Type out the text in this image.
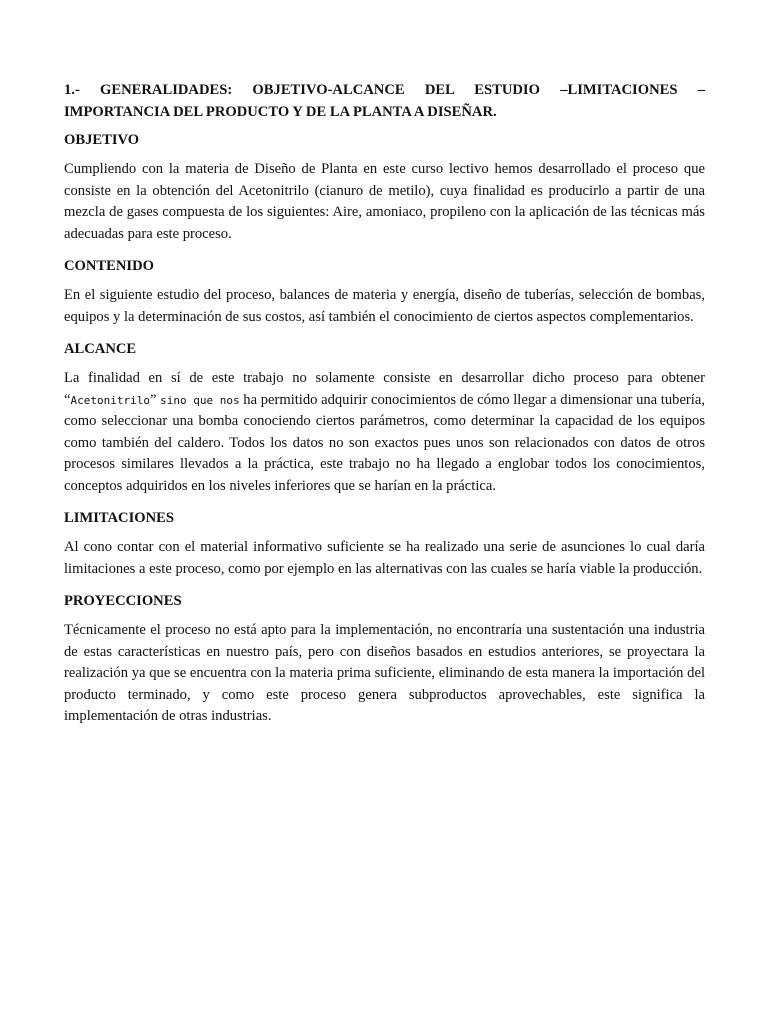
1.- GENERALIDADES: OBJETIVO-ALCANCE DEL ESTUDIO –LIMITACIONES – IMPORTANCIA DEL PRODUCTO Y DE LA PLANTA A DISEÑAR.

OBJETIVO

Cumpliendo con la materia de Diseño de Planta en este curso lectivo hemos desarrollado el proceso que consiste en la obtención del Acetonitrilo (cianuro de metilo), cuya finalidad es producirlo a partir de una mezcla de gases compuesta de los siguientes: Aire, amoniaco, propileno con la aplicación de las técnicas más adecuadas para este proceso.

CONTENIDO

En el siguiente estudio del proceso, balances de materia y energía, diseño de tuberías, selección de bombas, equipos y la determinación de sus costos, así también el conocimiento de ciertos aspectos complementarios.

ALCANCE

La finalidad en sí de este trabajo no solamente consiste en desarrollar dicho proceso para obtener “Acetonitrilo” sino que nos ha permitido adquirir conocimientos de cómo llegar a dimensionar una tubería, como seleccionar una bomba conociendo ciertos parámetros, como determinar la capacidad de los equipos como también del caldero. Todos los datos no son exactos pues unos son relacionados con datos de otros procesos similares llevados a la práctica, este trabajo no ha llegado a englobar todos los conocimientos, conceptos adquiridos en los niveles inferiores que se harían en la práctica.

LIMITACIONES

Al cono contar con el material informativo suficiente se ha realizado una serie de asunciones lo cual daría limitaciones a este proceso, como por ejemplo en las alternativas con las cuales se haría viable la producción.

PROYECCIONES

Técnicamente el proceso no está apto para la implementación, no encontraría una sustentación una industria de estas características en nuestro país, pero con diseños basados en estudios anteriores, se proyectara la realización ya que se encuentra con la materia prima suficiente, eliminando de esta manera la importación del producto terminado, y como este proceso genera subproductos aprovechables, este significa la implementación de otras industrias.
